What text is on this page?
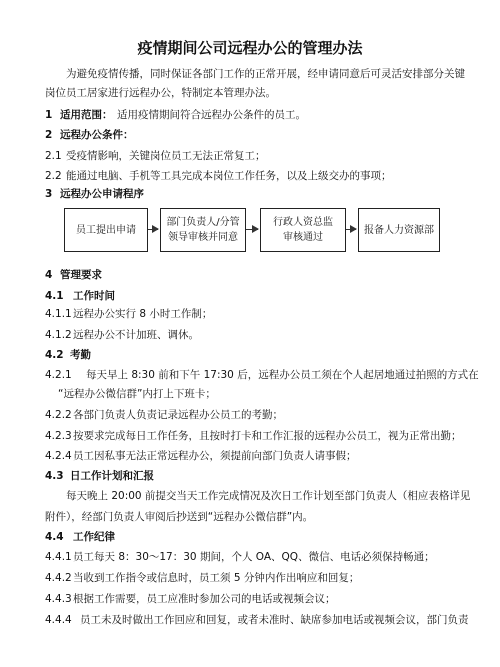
疫情期间公司远程办公的管理办法
为避免疫情传播，同时保证各部门工作的正常开展，经申请同意后可灵活安排部分关键
岗位员工居家进行远程办公，特制定本管理办法。
1 适用范围： 适用疫情期间符合远程办公条件的员工。
2 远程办公条件：
2.1 受疫情影响，关键岗位员工无法正常复工；
2.2 能通过电脑、手机等工具完成本岗位工作任务，以及上级交办的事项；
3 远程办公申请程序
员工提出申请
部门负责人/分管
领导审核并同意
行政人资总监
审核通过
报备人力资源部
4 管理要求
4.1 工作时间
4.1.1 远程办公实行 8 小时工作制；
4.1.2 远程办公不计加班、调休。
4.2 考勤
4.2.1 每天早上 8:30 前和下午 17:30 后，远程办公员工须在个人起居地通过拍照的方式在
“远程办公微信群”内打上下班卡；
4.2.2 各部门负责人负责记录远程办公员工的考勤；
4.2.3 按要求完成每日工作任务，且按时打卡和工作汇报的远程办公员工，视为正常出勤；
4.2.4 员工因私事无法正常远程办公，须提前向部门负责人请事假；
4.3 日工作计划和汇报
每天晚上 20:00 前提交当天工作完成情况及次日工作计划至部门负责人（相应表格详见
附件），经部门负责人审阅后抄送到“远程办公微信群”内。
4.4 工作纪律
4.4.1 员工每天 8：30～17：30 期间，个人 OA、QQ、微信、电话必须保持畅通；
4.4.2 当收到工作指令或信息时，员工须 5 分钟内作出响应和回复；
4.4.3 根据工作需要，员工应准时参加公司的电话或视频会议；
4.4.4 员工未及时做出工作回应和回复，或者未准时、缺席参加电话或视频会议，部门负责
